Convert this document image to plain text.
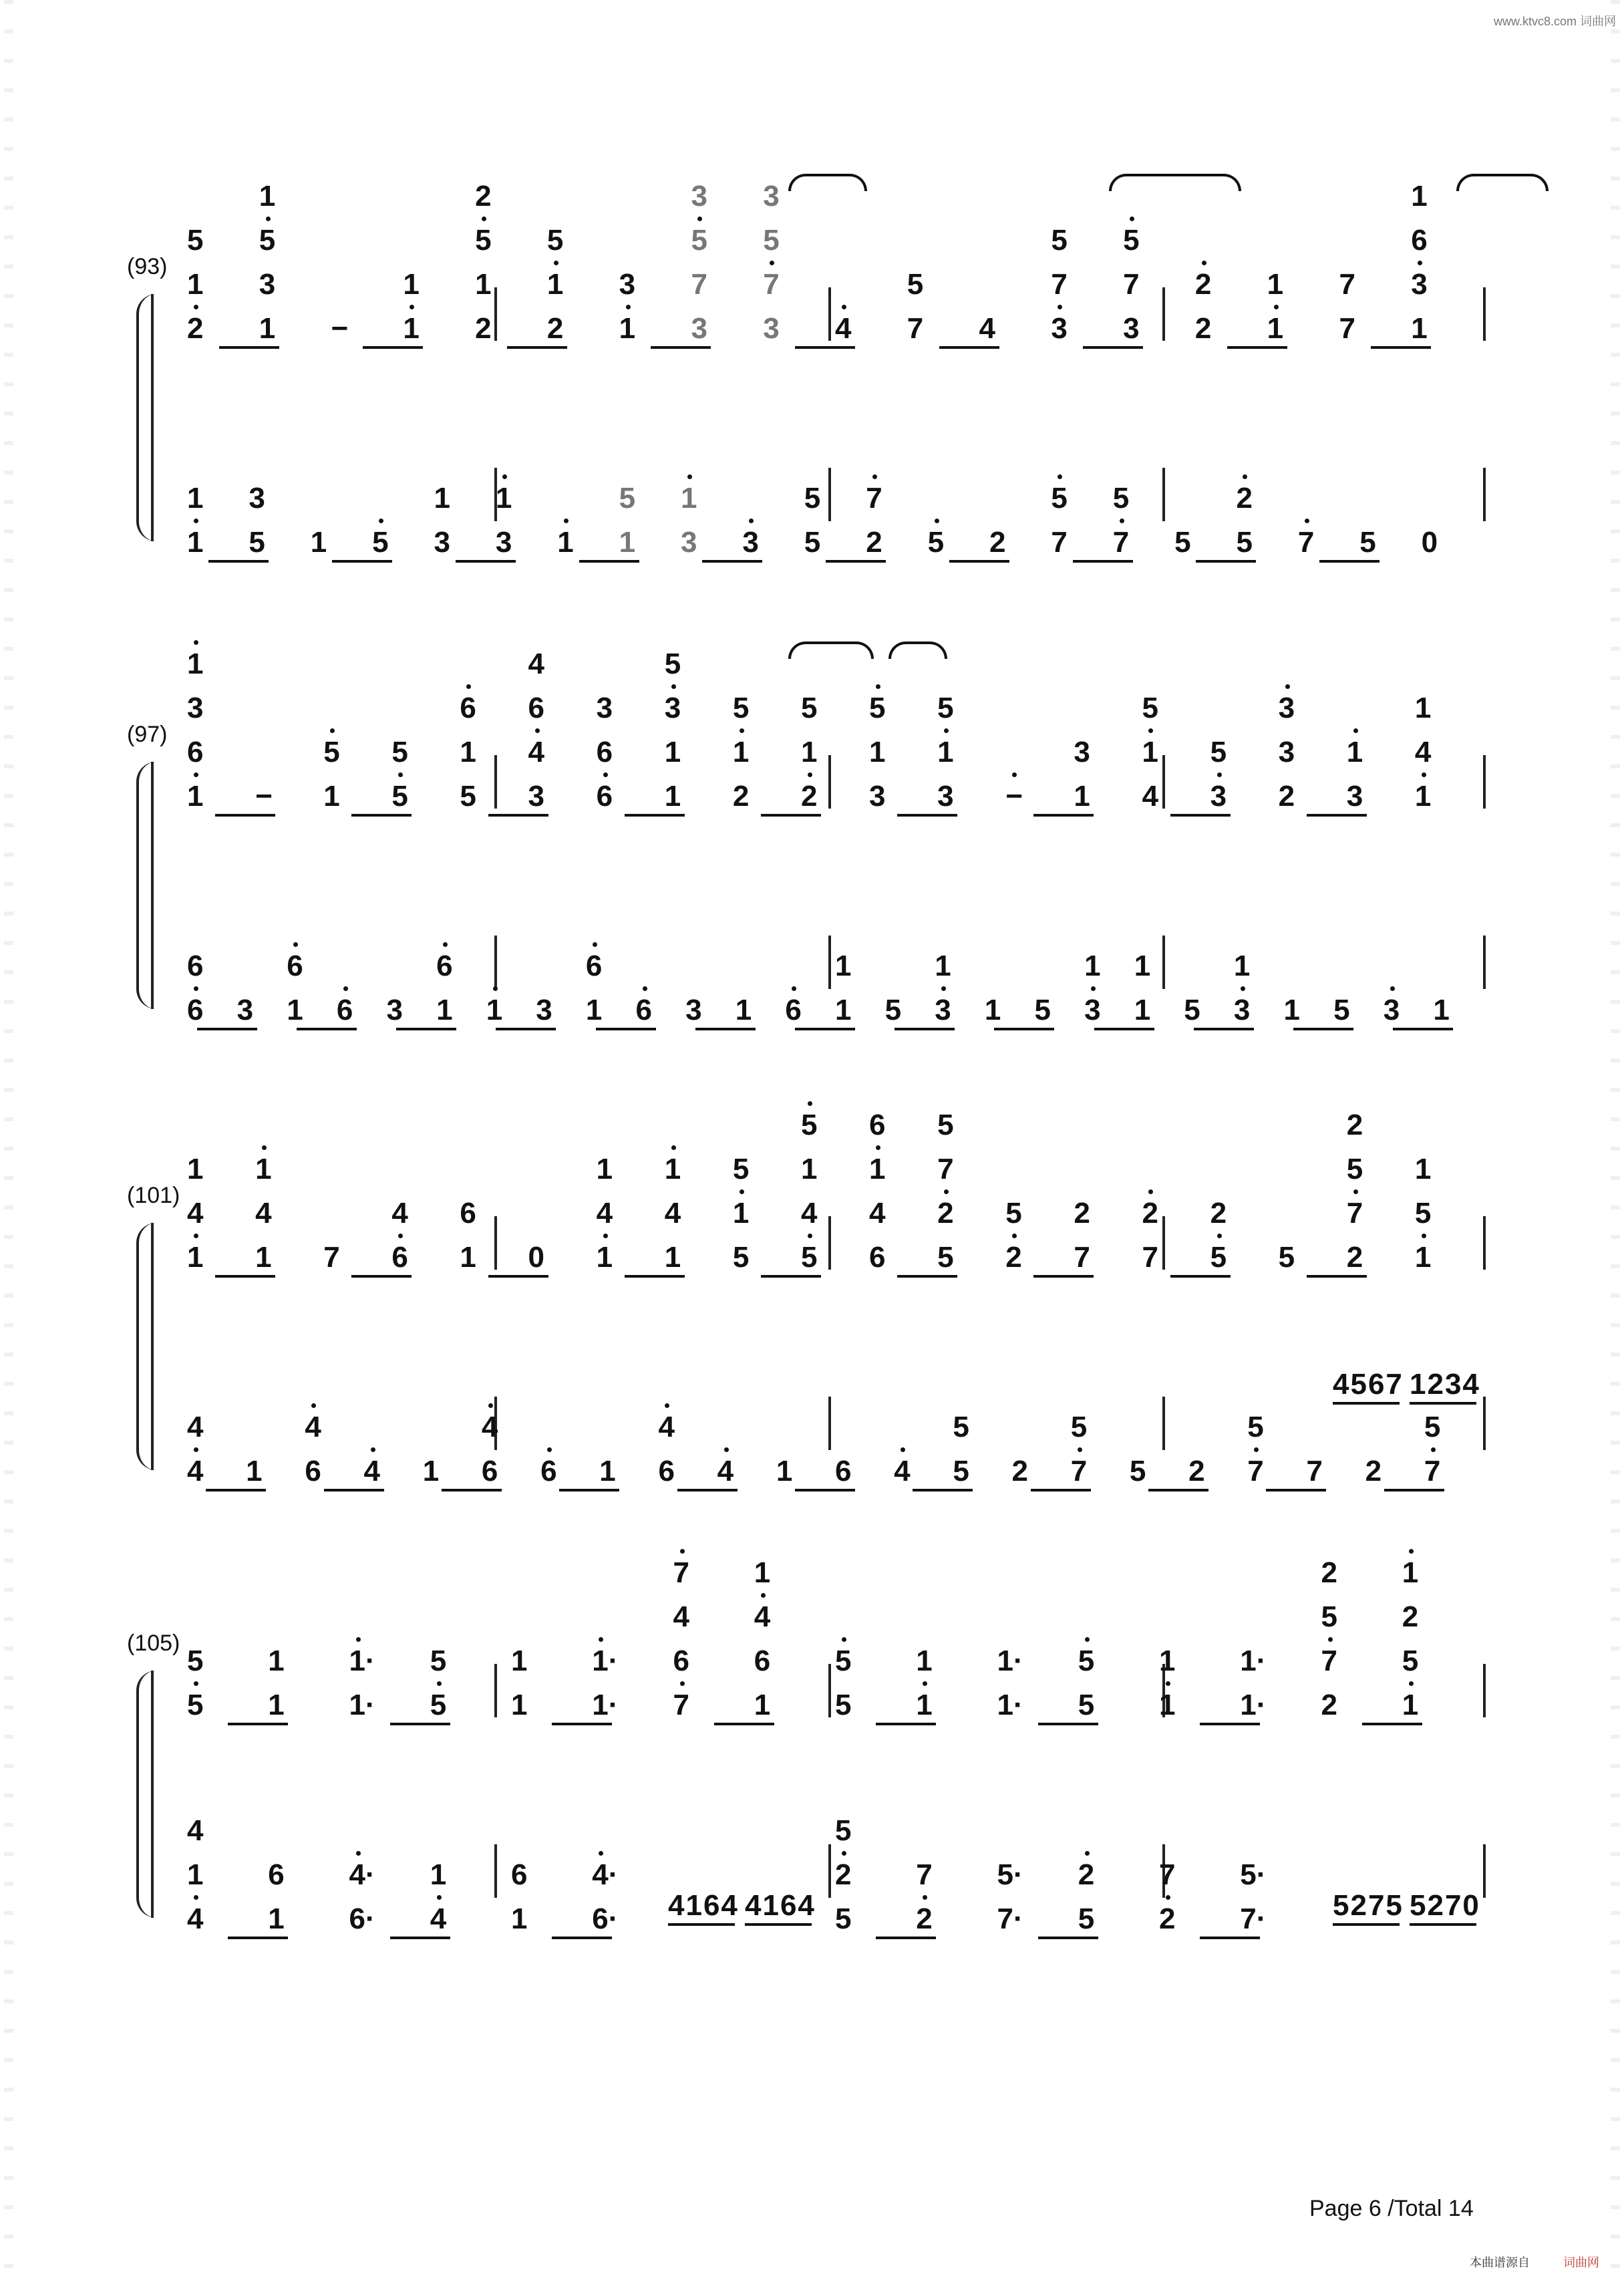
www.ktvc8.com 词曲网
(93)
2
1
5
1
3
5
1
− 1
1
2
1
5
2
2
1
5
1
3
3
7
5
3
3
7
5
3
4 7
5
4 3
7
5
3
7
5
2
2
1
1
7
7
1
3
6
1
1
1
5
3
1 5 3
1
3
1
1 1
5
3
1
3 5
5
2
7
5 2 7
5
7
5
5 5
2
7 5 0
(97)
1
6
3
1
− 1
5
5
5
5
1
6
3
4
6
4
6
6
3
1
1
3
5
2
1
5
2
1
5
3
1
5
3
1
5
− 1
3
4
1
5
3
5
2
3
3
3
1
1
4
1
6
6
3 1
6
6 3 1
6
1 3 1
6
6 3 1 6 1
1
5 3
1
1 5 3
1
1
1
5 3
1
1 5 3 1
(101)
1
4
1
1
4
1
7 6
4
1
6
0 1
4
1
1
4
1
5
1
5
5
4
1
5
6
4
1
6
5
2
7
5
2
5
7
2
7
2
5
2
5 2
7
5
2
1
5
1
4
4
1 6
4
4 1 6
4
6 1 6
4
4 1 6 4 5
5
2 7
5
5 2 7
5
7 2 7
5
(105)
5
5
1
1
1·
1·
5
5
1
1
1·
1·
7
6
4
7
1
6
4
1
5
5
1
1
1·
1·
5
5
1
1
1·
1·
2
7
5
2
1
5
2
1
4
1
4
1
6
6·
4·
4
1
1
6
6·
4·
5
2
5
2
7
7·
5·
5
2
2
7
7·
5·
4567 1234
4164 4164	5275 5270
Page 6 /Total 14
本曲谱源自	词曲网
